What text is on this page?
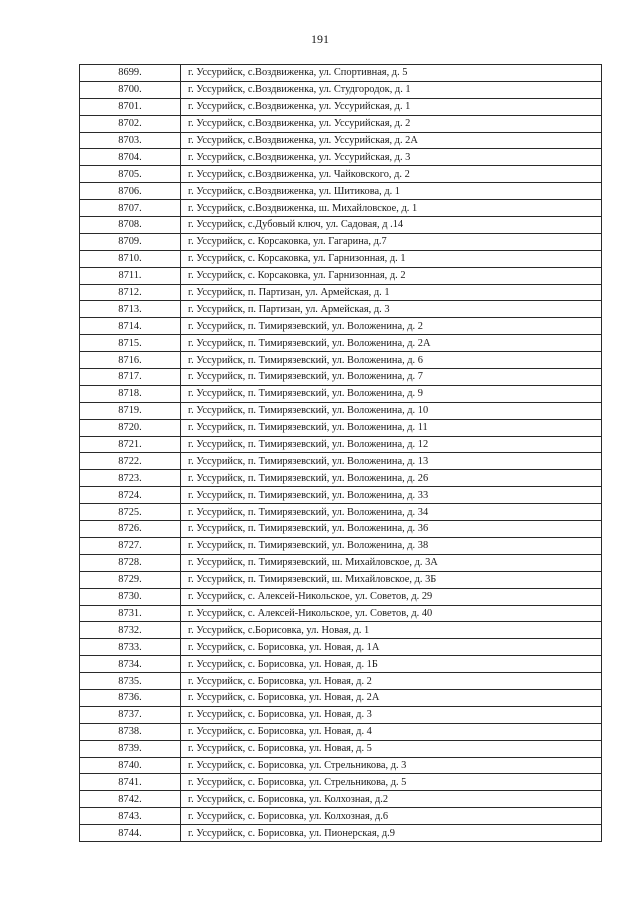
191
8699.	г. Уссурийск, с.Воздвиженка, ул. Спортивная, д. 5
8700.	г. Уссурийск, с.Воздвиженка, ул. Студгородок, д. 1
8701.	г. Уссурийск, с.Воздвиженка, ул. Уссурийская, д. 1
8702.	г. Уссурийск, с.Воздвиженка, ул. Уссурийская, д. 2
8703.	г. Уссурийск, с.Воздвиженка, ул. Уссурийская, д. 2А
8704.	г. Уссурийск, с.Воздвиженка, ул. Уссурийская, д. 3
8705.	г. Уссурийск, с.Воздвиженка, ул. Чайковского, д. 2
8706.	г. Уссурийск, с.Воздвиженка, ул. Шитикова, д. 1
8707.	г. Уссурийск, с.Воздвиженка, ш. Михайловское, д. 1
8708.	г. Уссурийск, с.Дубовый ключ, ул. Садовая, д .14
8709.	г. Уссурийск, с. Корсаковка, ул. Гагарина, д.7
8710.	г. Уссурийск, с. Корсаковка, ул. Гарнизонная, д. 1
8711.	г. Уссурийск, с. Корсаковка, ул. Гарнизонная, д. 2
8712.	г. Уссурийск, п. Партизан, ул. Армейская, д. 1
8713.	г. Уссурийск, п. Партизан, ул. Армейская, д. 3
8714.	г. Уссурийск, п. Тимирязевский, ул. Воложенина, д. 2
8715.	г. Уссурийск, п. Тимирязевский, ул. Воложенина, д. 2А
8716.	г. Уссурийск, п. Тимирязевский, ул. Воложенина, д. 6
8717.	г. Уссурийск, п. Тимирязевский, ул. Воложенина, д. 7
8718.	г. Уссурийск, п. Тимирязевский, ул. Воложенина, д. 9
8719.	г. Уссурийск, п. Тимирязевский, ул. Воложенина, д. 10
8720.	г. Уссурийск, п. Тимирязевский, ул. Воложенина, д. 11
8721.	г. Уссурийск, п. Тимирязевский, ул. Воложенина, д. 12
8722.	г. Уссурийск, п. Тимирязевский, ул. Воложенина, д. 13
8723.	г. Уссурийск, п. Тимирязевский, ул. Воложенина, д. 26
8724.	г. Уссурийск, п. Тимирязевский, ул. Воложенина, д. 33
8725.	г. Уссурийск, п. Тимирязевский, ул. Воложенина, д. 34
8726.	г. Уссурийск, п. Тимирязевский, ул. Воложенина, д. 36
8727.	г. Уссурийск, п. Тимирязевский, ул. Воложенина, д. 38
8728.	г. Уссурийск, п. Тимирязевский, ш. Михайловское, д. 3А
8729.	г. Уссурийск, п. Тимирязевский, ш. Михайловское, д. 3Б
8730.	г. Уссурийск, с. Алексей-Никольское, ул. Советов, д. 29
8731.	г. Уссурийск, с. Алексей-Никольское, ул. Советов, д. 40
8732.	г. Уссурийск, с.Борисовка, ул. Новая, д. 1
8733.	г. Уссурийск, с. Борисовка, ул. Новая, д. 1А
8734.	г. Уссурийск, с. Борисовка, ул. Новая, д. 1Б
8735.	г. Уссурийск, с. Борисовка, ул. Новая, д. 2
8736.	г. Уссурийск, с. Борисовка, ул. Новая, д. 2А
8737.	г. Уссурийск, с. Борисовка, ул. Новая, д. 3
8738.	г. Уссурийск, с. Борисовка, ул. Новая, д. 4
8739.	г. Уссурийск, с. Борисовка, ул. Новая, д. 5
8740.	г. Уссурийск, с. Борисовка, ул. Стрельникова, д. 3
8741.	г. Уссурийск, с. Борисовка, ул. Стрельникова, д. 5
8742.	г. Уссурийск, с. Борисовка, ул. Колхозная, д.2
8743.	г. Уссурийск, с. Борисовка, ул. Колхозная, д.6
8744.	г. Уссурийск, с. Борисовка, ул. Пионерская, д.9
